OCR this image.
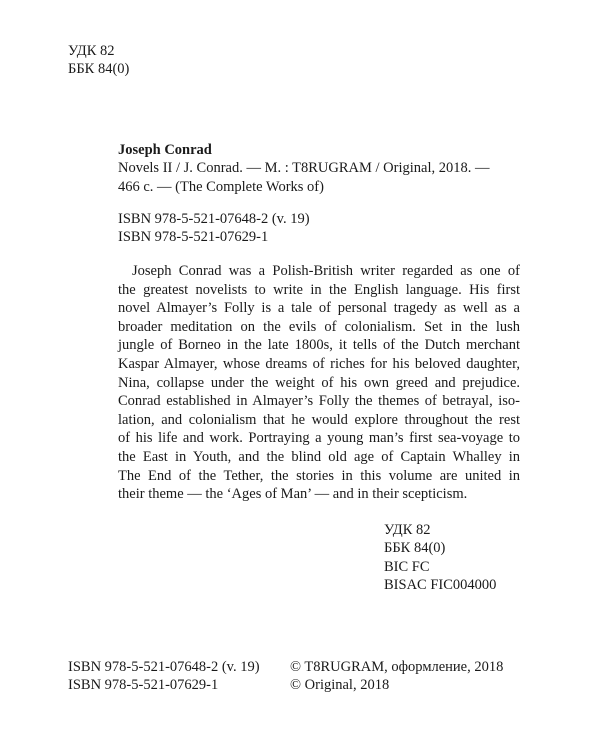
УДК 82
ББК 84(0)
Joseph Conrad
Novels II / J. Conrad. — M. : T8RUGRAM / Original, 2018. —
466 с. — (The Complete Works of)
ISBN 978-5-521-07648-2 (v. 19)
ISBN 978-5-521-07629-1
Joseph Conrad was a Polish-British writer regarded as one of
the greatest novelists to write in the English language. His first
novel Almayer’s Folly is a tale of personal tragedy as well as a
broader meditation on the evils of colonialism. Set in the lush
jungle of Borneo in the late 1800s, it tells of the Dutch merchant
Kaspar Almayer, whose dreams of riches for his beloved daughter,
Nina, collapse under the weight of his own greed and prejudice.
Conrad established in Almayer’s Folly the themes of betrayal, iso-
lation, and colonialism that he would explore throughout the rest
of his life and work. Portraying a young man’s first sea-voyage to
the East in Youth, and the blind old age of Captain Whalley in
The End of the Tether, the stories in this volume are united in
their theme — the ‘Ages of Man’ — and in their scepticism.
УДК 82
ББК 84(0)
BIC FC
BISAC FIC004000
ISBN 978-5-521-07648-2 (v. 19)
ISBN 978-5-521-07629-1
© T8RUGRAM, оформление, 2018
© Original, 2018
